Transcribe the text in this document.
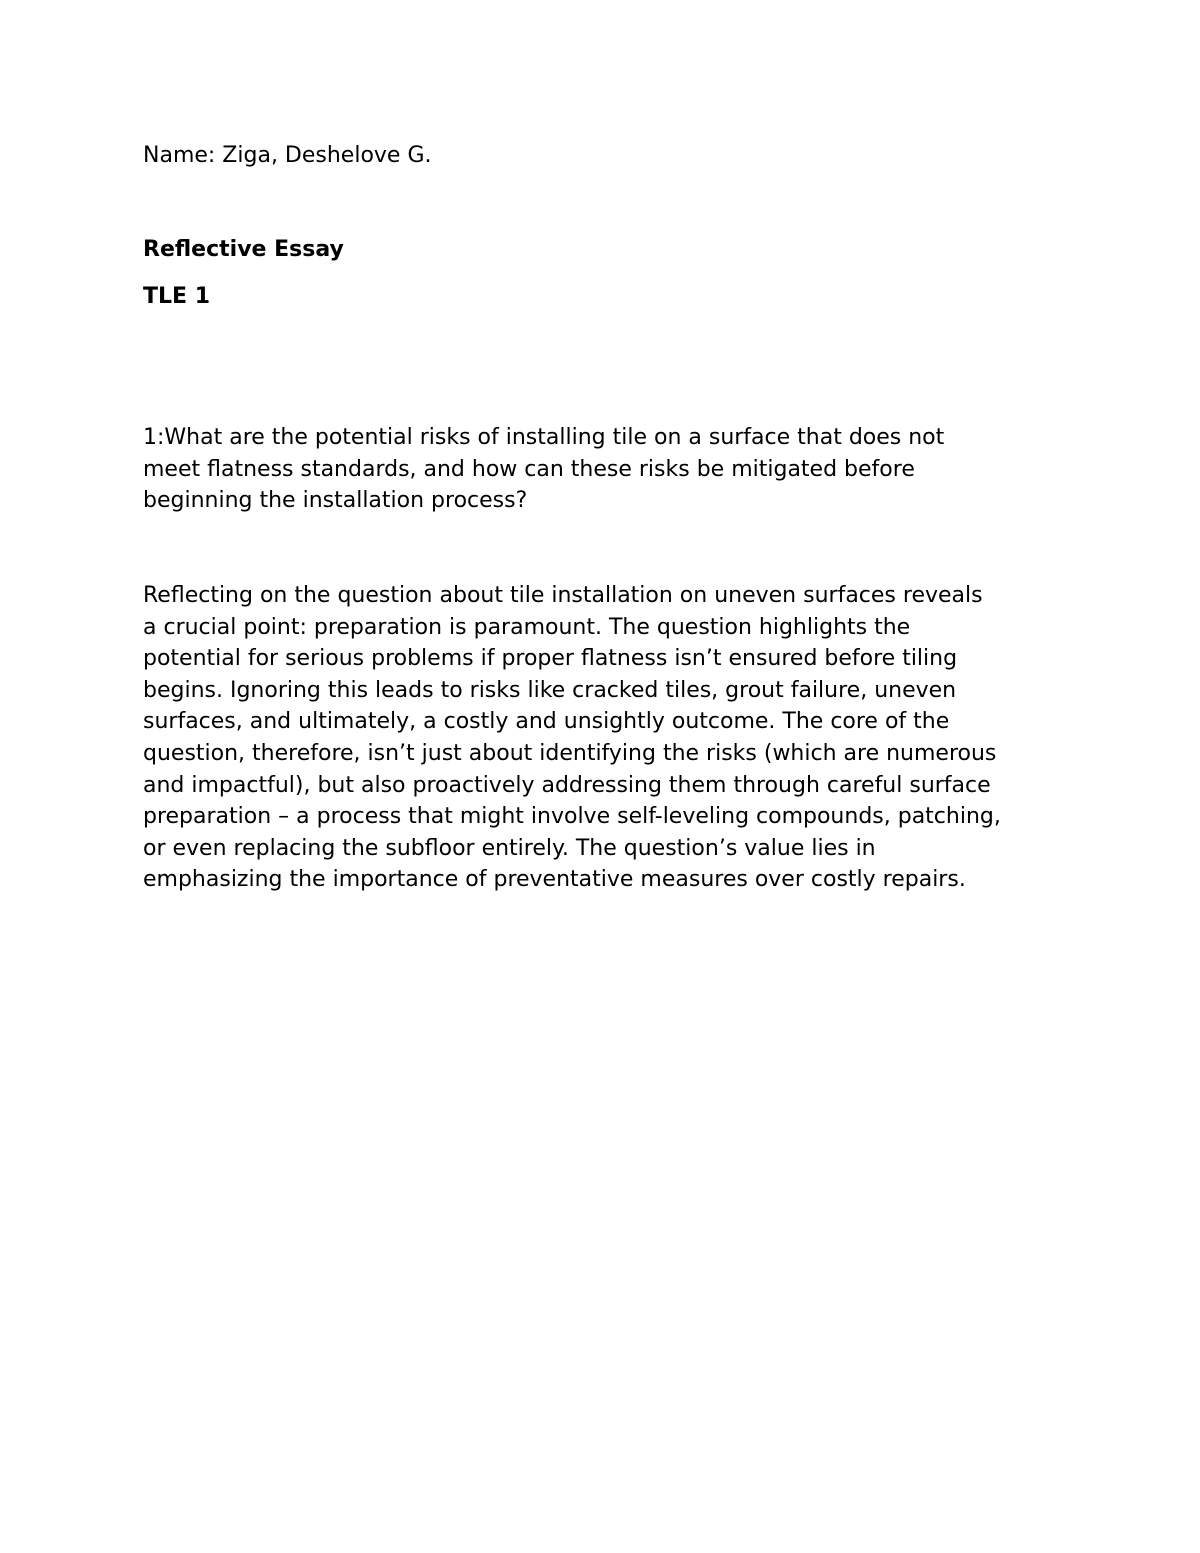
Name: Ziga, Deshelove G.

Reflective Essay

TLE 1

1:What are the potential risks of installing tile on a surface that does not
meet flatness standards, and how can these risks be mitigated before
beginning the installation process?

Reflecting on the question about tile installation on uneven surfaces reveals
a crucial point: preparation is paramount. The question highlights the
potential for serious problems if proper flatness isn’t ensured before tiling
begins. Ignoring this leads to risks like cracked tiles, grout failure, uneven
surfaces, and ultimately, a costly and unsightly outcome. The core of the
question, therefore, isn’t just about identifying the risks (which are numerous
and impactful), but also proactively addressing them through careful surface
preparation – a process that might involve self-leveling compounds, patching,
or even replacing the subfloor entirely. The question’s value lies in
emphasizing the importance of preventative measures over costly repairs.
